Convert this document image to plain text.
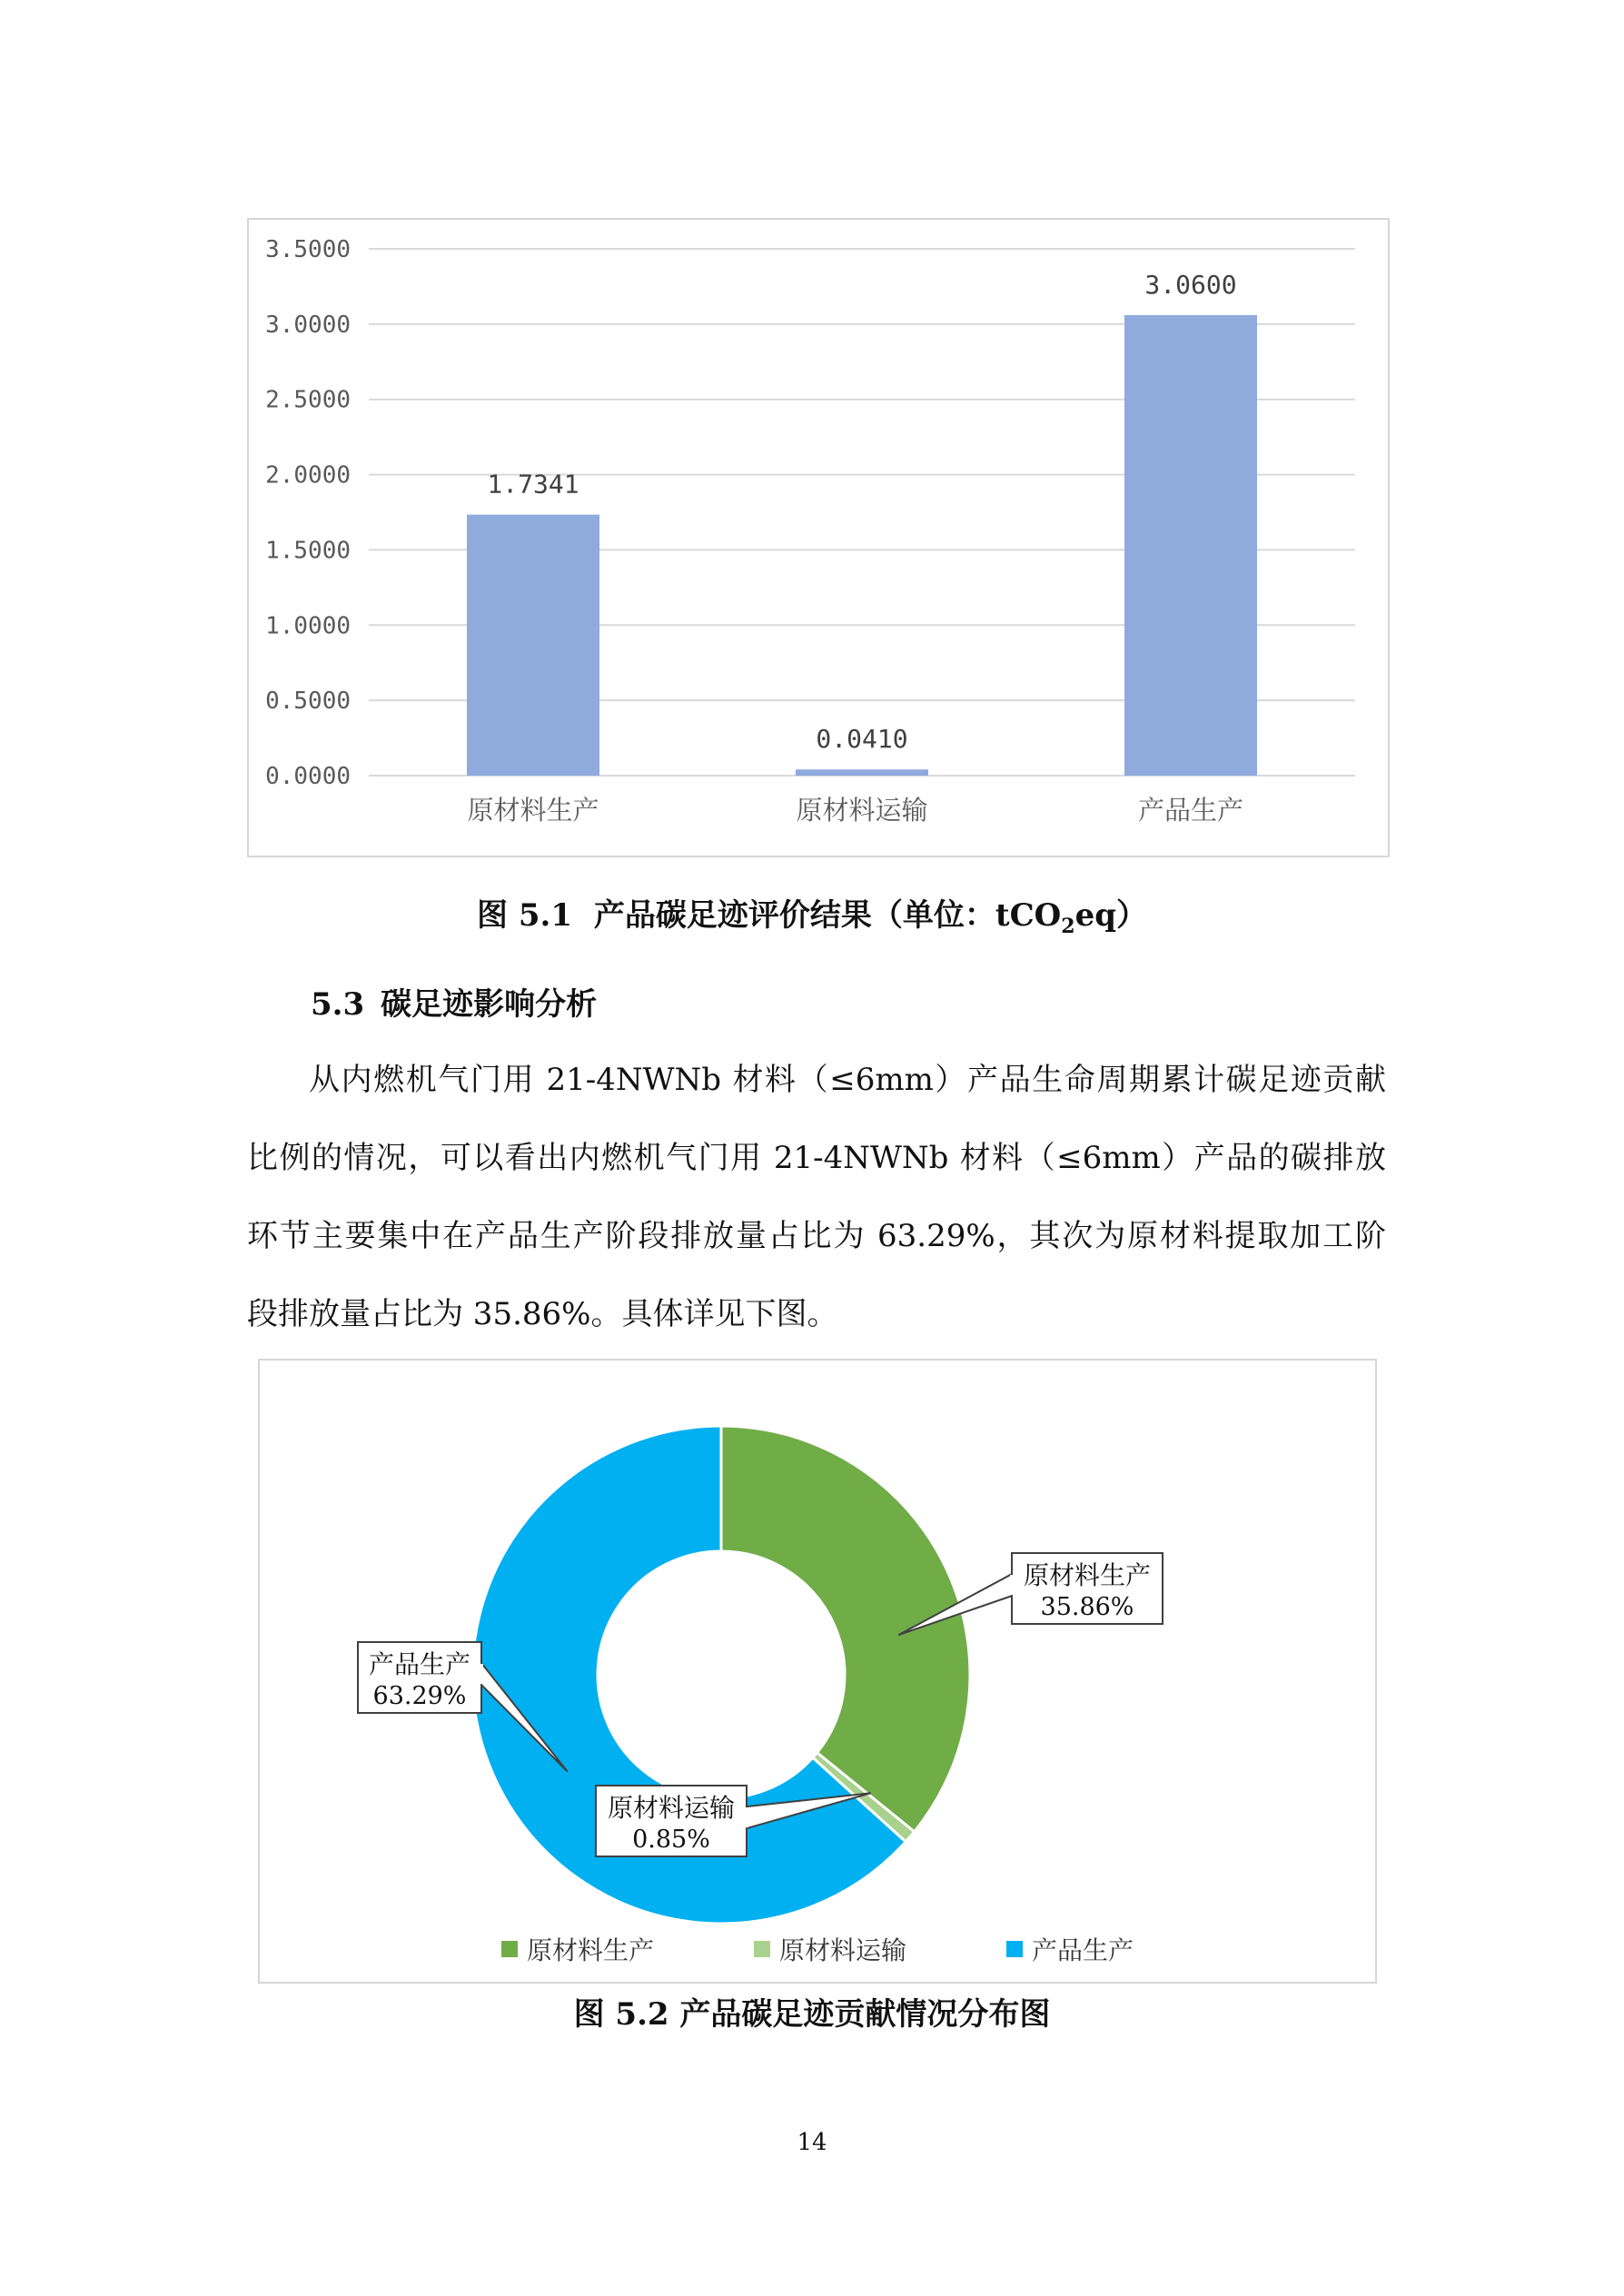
0.0000
0.5000
1.0000
1.5000
2.0000
2.5000
3.0000
3.5000
1.7341
原材料生产
0.0410
原材料运输
3.0600
产品生产
图 5.1 产品碳足迹评价结果（单位：tCO$_2$eq）
5.3 碳足迹影响分析
从内燃机气门用 21-4NWNb 材料（≤6mm）产品生命周期累计碳足迹贡献
比例的情况，可以看出内燃机气门用 21-4NWNb 材料（≤6mm）产品的碳排放
环节主要集中在产品生产阶段排放量占比为 63.29%，其次为原材料提取加工阶
段排放量占比为 35.86%。具体详见下图。
原材料生产
35.86%
原材料运输
0.85%
产品生产
63.29%
原材料生产	原材料运输	产品生产
图 5.2 产品碳足迹贡献情况分布图
14
